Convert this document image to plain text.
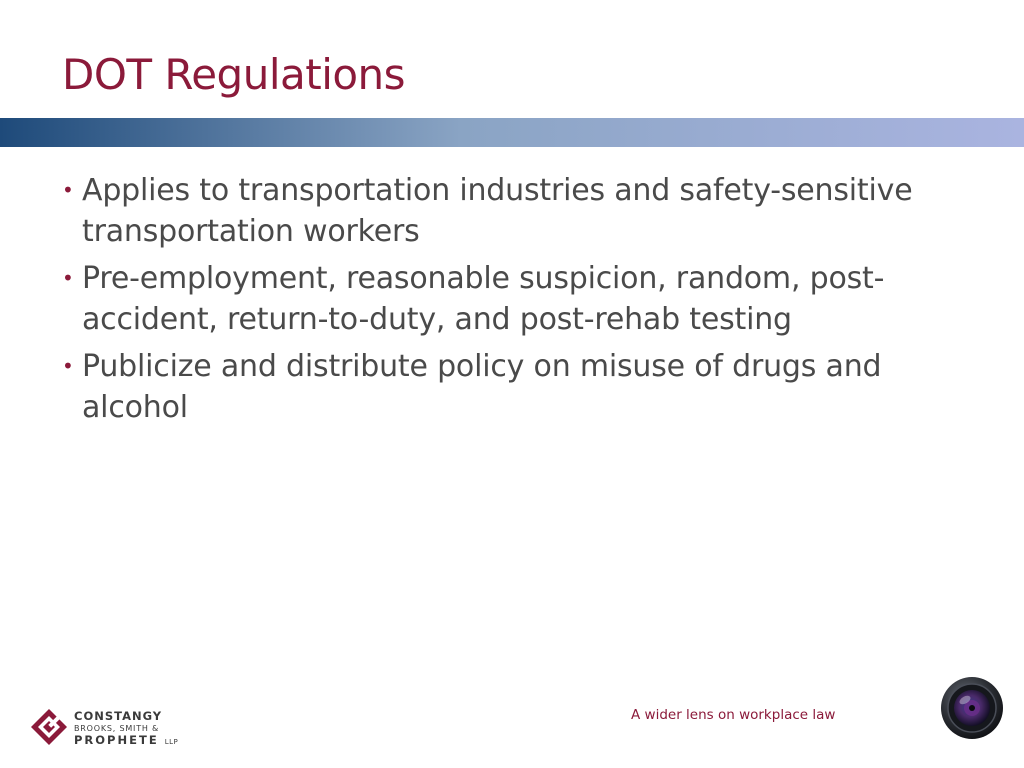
DOT Regulations
• Applies to transportation industries and safety-sensitive transportation workers
• Pre-employment, reasonable suspicion, random, post-accident, return-to-duty, and post-rehab testing
• Publicize and distribute policy on misuse of drugs and alcohol
CONSTANGY
BROOKS, SMITH &
PROPHETE LLP
A wider lens on workplace law
